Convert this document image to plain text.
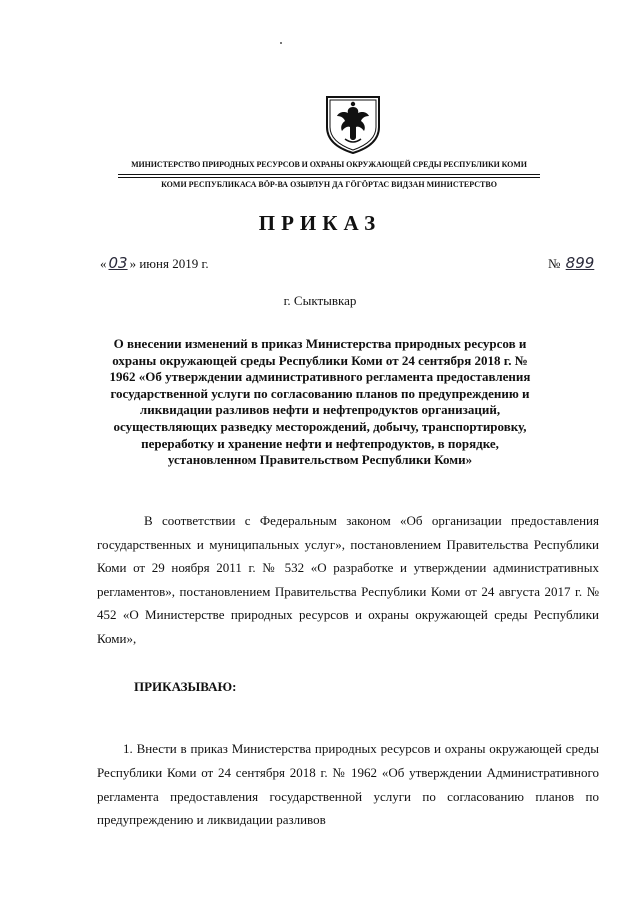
МИНИСТЕРСТВО ПРИРОДНЫХ РЕСУРСОВ И ОХРАНЫ ОКРУЖАЮЩЕЙ СРЕДЫ РЕСПУБЛИКИ КОМИ
КОМИ РЕСПУБЛИКАСА ВӦР-ВА ОЗЫРЛУН ДА ГӦГӦРТАС ВИДЗАН МИНИСТЕРСТВО
ПРИКАЗ
« 03 » июня 2019 г.	№ 899
г. Сыктывкар
О внесении изменений в приказ Министерства природных ресурсов и охраны окружающей среды Республики Коми от 24 сентября 2018 г. № 1962 «Об утверждении административного регламента предоставления государственной услуги по согласованию планов по предупреждению и ликвидации разливов нефти и нефтепродуктов организаций, осуществляющих разведку месторождений, добычу, транспортировку, переработку и хранение нефти и нефтепродуктов, в порядке, установленном Правительством Республики Коми»
В соответствии с Федеральным законом «Об организации предоставления государственных и муниципальных услуг», постановлением Правительства Республики Коми от 29 ноября 2011 г. № 532 «О разработке и утверждении административных регламентов», постановлением Правительства Республики Коми от 24 августа 2017 г. № 452 «О Министерстве природных ресурсов и охраны окружающей среды Республики Коми»,
ПРИКАЗЫВАЮ:
1. Внести в приказ Министерства природных ресурсов и охраны окружающей среды Республики Коми от 24 сентября 2018 г. № 1962 «Об утверждении Административного регламента предоставления государственной услуги по согласованию планов по предупреждению и ликвидации разливов
